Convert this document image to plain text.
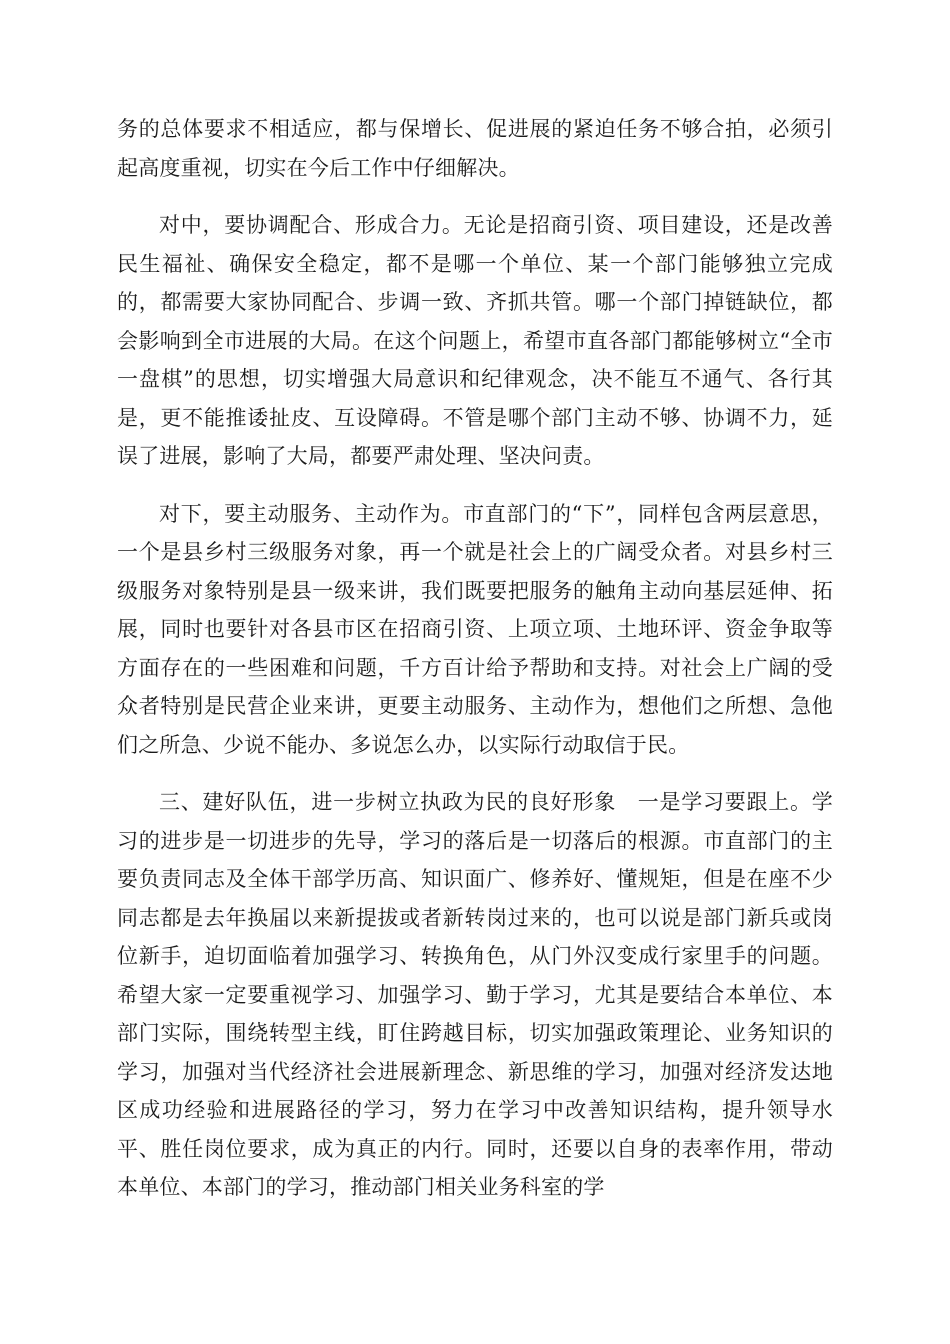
务的总体要求不相适应，都与保增长、促进展的紧迫任务不够合拍，必须引起高度重视，切实在今后工作中仔细解决。

对中，要协调配合、形成合力。无论是招商引资、项目建设，还是改善民生福祉、确保安全稳定，都不是哪一个单位、某一个部门能够独立完成的，都需要大家协同配合、步调一致、齐抓共管。哪一个部门掉链缺位，都会影响到全市进展的大局。在这个问题上，希望市直各部门都能够树立“全市一盘棋”的思想，切实增强大局意识和纪律观念，决不能互不通气、各行其是，更不能推诿扯皮、互设障碍。不管是哪个部门主动不够、协调不力，延误了进展，影响了大局，都要严肃处理、坚决问责。

对下，要主动服务、主动作为。市直部门的“下”，同样包含两层意思，一个是县乡村三级服务对象，再一个就是社会上的广阔受众者。对县乡村三级服务对象特别是县一级来讲，我们既要把服务的触角主动向基层延伸、拓展，同时也要针对各县市区在招商引资、上项立项、土地环评、资金争取等方面存在的一些困难和问题，千方百计给予帮助和支持。对社会上广阔的受众者特别是民营企业来讲，更要主动服务、主动作为，想他们之所想、急他们之所急、少说不能办、多说怎么办，以实际行动取信于民。

三、建好队伍，进一步树立执政为民的良好形象　一是学习要跟上。学习的进步是一切进步的先导，学习的落后是一切落后的根源。市直部门的主要负责同志及全体干部学历高、知识面广、修养好、懂规矩，但是在座不少同志都是去年换届以来新提拔或者新转岗过来的，也可以说是部门新兵或岗位新手，迫切面临着加强学习、转换角色，从门外汉变成行家里手的问题。希望大家一定要重视学习、加强学习、勤于学习，尤其是要结合本单位、本部门实际，围绕转型主线，盯住跨越目标，切实加强政策理论、业务知识的学习，加强对当代经济社会进展新理念、新思维的学习，加强对经济发达地区成功经验和进展路径的学习，努力在学习中改善知识结构，提升领导水平、胜任岗位要求，成为真正的内行。同时，还要以自身的表率作用，带动本单位、本部门的学习，推动部门相关业务科室的学
